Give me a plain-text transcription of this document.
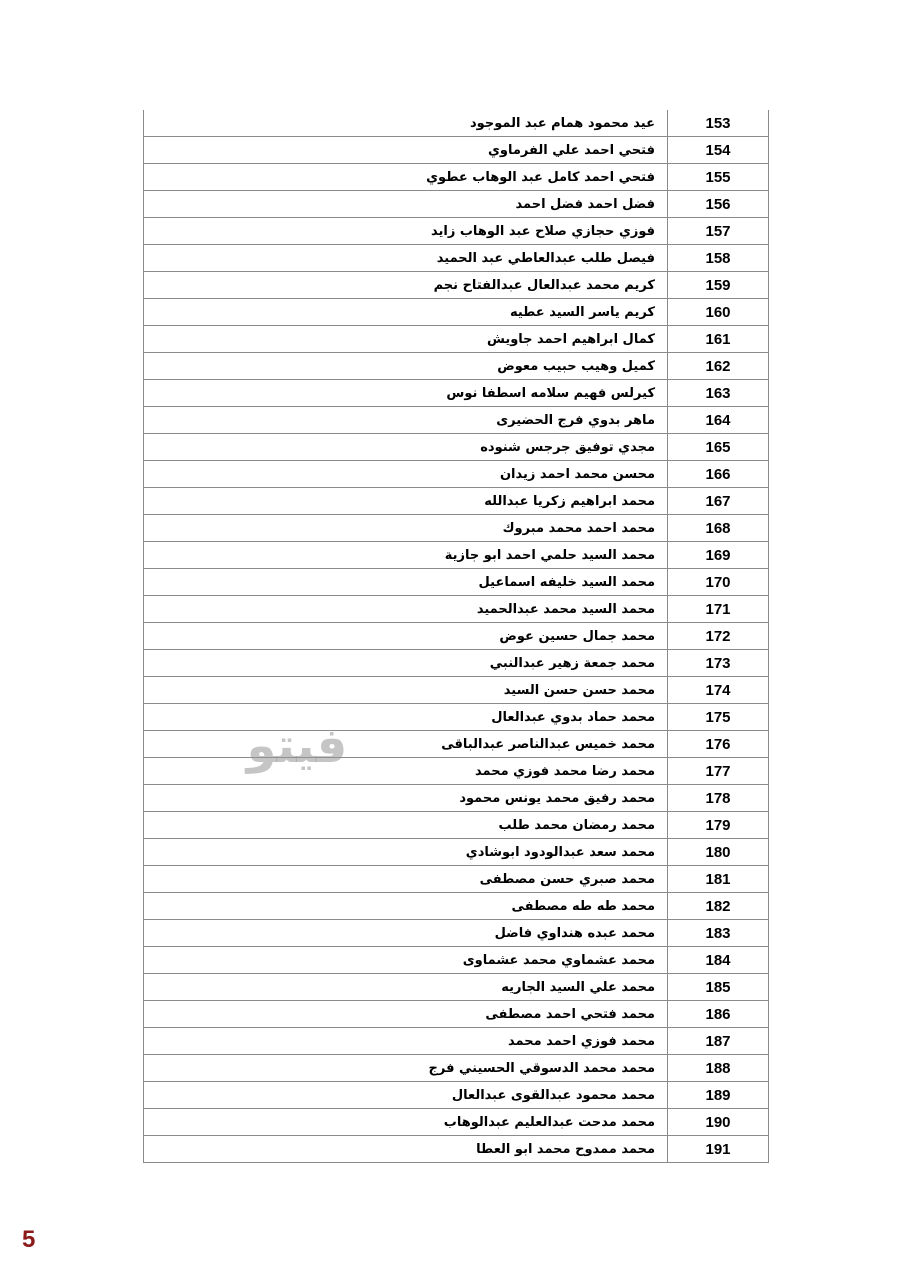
153	عيد محمود همام عبد الموجود
154	فتحي احمد علي الفرماوي
155	فتحي احمد كامل عبد الوهاب عطوي
156	فضل احمد فضل احمد
157	فوزي حجازي صلاح عبد الوهاب زايد
158	فيصل طلب عبدالعاطي عبد الحميد
159	كريم محمد عبدالعال عبدالفتاح نجم
160	كريم ياسر السيد عطيه
161	كمال ابراهيم احمد جاويش
162	كميل وهيب حبيب معوض
163	كيرلس فهيم سلامه اسطفا نوس
164	ماهر بدوي فرج الحضيرى
165	مجدي توفيق جرجس شنوده
166	محسن محمد احمد زيدان
167	محمد ابراهيم زكريا عبدالله
168	محمد احمد محمد مبروك
169	محمد السيد حلمي احمد ابو جازية
170	محمد السيد خليفه اسماعيل
171	محمد السيد محمد عبدالحميد
172	محمد جمال حسين عوض
173	محمد جمعة زهير عبدالنبي
174	محمد حسن حسن السيد
175	محمد حماد بدوي عبدالعال
176	محمد خميس عبدالناصر عبدالباقى
177	محمد رضا محمد فوزي محمد
178	محمد رفيق محمد يونس محمود
179	محمد رمضان محمد طلب
180	محمد سعد عبدالودود ابوشادي
181	محمد صبري حسن مصطفى
182	محمد طه طه مصطفى
183	محمد عبده هنداوي فاضل
184	محمد عشماوي محمد عشماوى
185	محمد علي السيد الجاريه
186	محمد فتحي احمد مصطفى
187	محمد فوزي احمد محمد
188	محمد محمد الدسوقي الحسيني فرج
189	محمد محمود عبدالقوى عبدالعال
190	محمد مدحت عبدالعليم عبدالوهاب
191	محمد ممدوح محمد ابو العطا
فيتو
5
